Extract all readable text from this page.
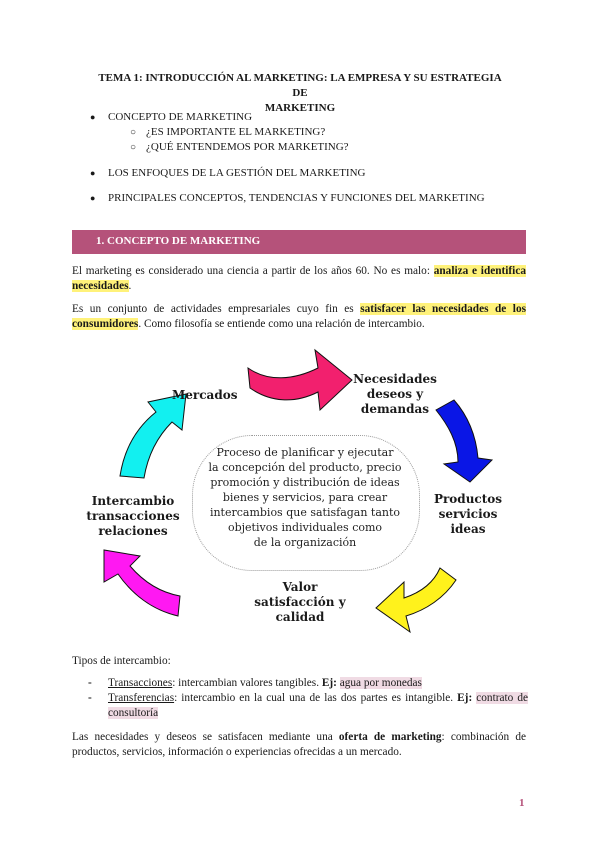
TEMA 1: INTRODUCCIÓN AL MARKETING: LA EMPRESA Y SU ESTRATEGIA DE
MARKETING
● CONCEPTO DE MARKETING
○ ¿ES IMPORTANTE EL MARKETING?
○ ¿QUÉ ENTENDEMOS POR MARKETING?
● LOS ENFOQUES DE LA GESTIÓN DEL MARKETING
● PRINCIPALES CONCEPTOS, TENDENCIAS Y FUNCIONES DEL MARKETING
1. CONCEPTO DE MARKETING
El marketing es considerado una ciencia a partir de los años 60. No es malo: analiza e identifica necesidades.
Es un conjunto de actividades empresariales cuyo fin es satisfacer las necesidades de los consumidores. Como filosofía se entiende como una relación de intercambio.
Mercados
Necesidades
deseos y
demandas
Productos
servicios
ideas
Valor
satisfacción y
calidad
Intercambio
transacciones
relaciones
Proceso de planificar y ejecutar
la concepción del producto, precio
promoción y distribución de ideas
bienes y servicios, para crear
intercambios que satisfagan tanto
objetivos individuales como
de la organización
Tipos de intercambio:
- Transacciones: intercambian valores tangibles. Ej: agua por monedas
- Transferencias: intercambio en la cual una de las dos partes es intangible. Ej: contrato de consultoría
Las necesidades y deseos se satisfacen mediante una oferta de marketing: combinación de productos, servicios, información o experiencias ofrecidas a un mercado.
1
